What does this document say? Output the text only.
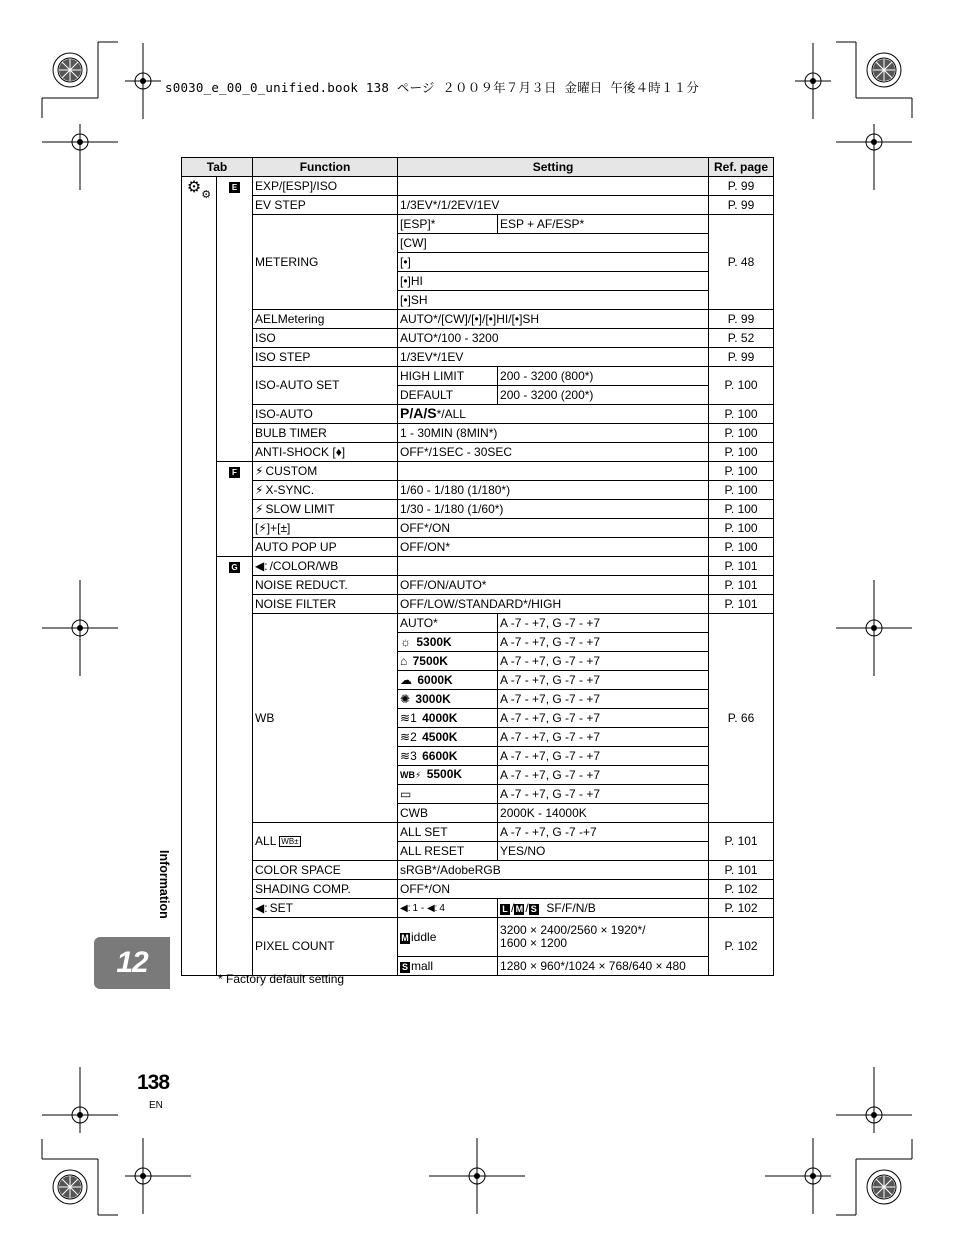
s0030_e_00_0_unified.book 138 ページ ２００９年７月３日 金曜日 午後４時１１分
Tab		Function	Setting		Ref. page
$⚙_⚙$	E	EXP/[ESP]/ISO			P. 99
		EV STEP	1/3EV*/1/2EV/1EV		P. 99
		METERING	[ESP]*	ESP + AF/ESP*	P. 48
			[CW]		
			[•]		
			[•]HI		
			[•]SH		
		AELMetering	AUTO*/[CW]/[•]/[•]HI/[•]SH		P. 99
		ISO	AUTO*/100 - 3200		P. 52
		ISO STEP	1/3EV*/1EV		P. 99
		ISO-AUTO SET	HIGH LIMIT	200 - 3200 (800*)	P. 100
			DEFAULT	200 - 3200 (200*)	
		ISO-AUTO	P/A/S*/ALL		P. 100
		BULB TIMER	1 - 30MIN (8MIN*)		P. 100
		ANTI-SHOCK [♦]	OFF*/1SEC - 30SEC		P. 100
	F	⚡ CUSTOM			P. 100
		⚡ X-SYNC.	1/60 - 1/180 (1/180*)		P. 100
		⚡ SLOW LIMIT	1/30 - 1/180 (1/60*)		P. 100
		[⚡]+[±]	OFF*/ON		P. 100
		AUTO POP UP	OFF/ON*		P. 100
	G	◀: /COLOR/WB			P. 101
		NOISE REDUCT.	OFF/ON/AUTO*		P. 101
		NOISE FILTER	OFF/LOW/STANDARD*/HIGH		P. 101
		WB	AUTO*	A -7 - +7, G -7 - +7	P. 66
			☼ 5300K	A -7 - +7, G -7 - +7	
			⌂ 7500K	A -7 - +7, G -7 - +7	
			☁ 6000K	A -7 - +7, G -7 - +7	
			✺ 3000K	A -7 - +7, G -7 - +7	
			≋1 4000K	A -7 - +7, G -7 - +7	
			≋2 4500K	A -7 - +7, G -7 - +7	
			≋3 6600K	A -7 - +7, G -7 - +7	
			WB⚡ 5500K	A -7 - +7, G -7 - +7	
			▭	A -7 - +7, G -7 - +7	
			CWB	2000K - 14000K	
		ALL WB±	ALL SET	A -7 - +7, G -7 -+7	P. 101
			ALL RESET	YES/NO	
		COLOR SPACE	sRGB*/AdobeRGB		P. 101
		SHADING COMP.	OFF*/ON		P. 102
		◀: SET	◀: 1 - ◀: 4	L /M / S SF/F/N/B	P. 102
		PIXEL COUNT	M iddle	3200 × 2400/2560 × 1920*/
1600 × 1200	P. 102
			S mall	1280 × 960*/1024 × 768/640 × 480	
* Factory default setting
Information
12
138
EN
